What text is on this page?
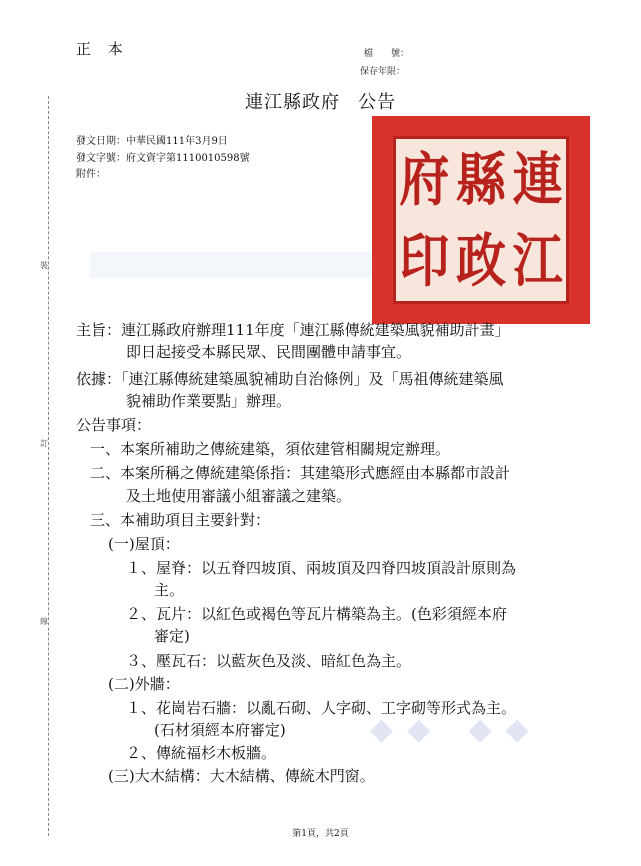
正 本	檔　　號：
保存年限：
連江縣政府 公告
發文日期：中華民國111年3月9日
發文字號：府文資字第1110010598號
附件：
裝
訂
線
連
縣
府
江
政
印
主旨：連江縣政府辦理111年度「連江縣傳統建築風貌補助計畫」
即日起接受本縣民眾、民間團體申請事宜。
依據：「連江縣傳統建築風貌補助自治條例」及「馬祖傳統建築風
貌補助作業要點」辦理。
公告事項：
一、本案所補助之傳統建築，須依建管相關規定辦理。
二、本案所稱之傳統建築係指：其建築形式應經由本縣都市設計
及土地使用審議小組審議之建築。
三、本補助項目主要針對：
(一)屋頂：
１、屋脊：以五脊四坡頂、兩坡頂及四脊四坡頂設計原則為
主。
２、瓦片：以紅色或褐色等瓦片構築為主。(色彩須經本府
審定)
３、壓瓦石：以藍灰色及淡、暗紅色為主。
(二)外牆：
１、花崗岩石牆：以亂石砌、人字砌、工字砌等形式為主。
(石材須經本府審定)
２、傳統福杉木板牆。
(三)大木結構：大木結構、傳統木門窗。
◆◆ ◆◆
第1頁，共2頁
